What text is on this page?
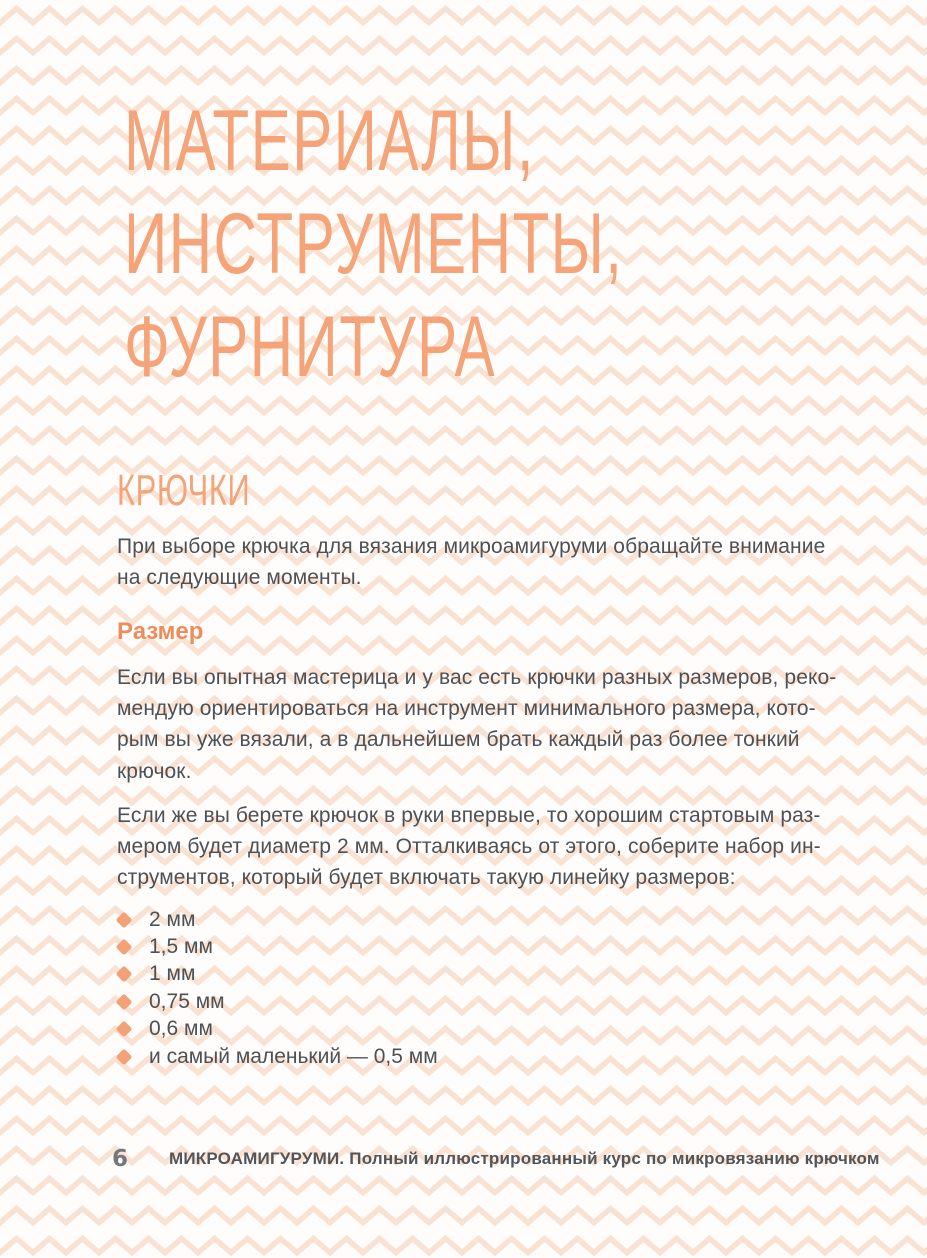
МАТЕРИАЛЫ,
ИНСТРУМЕНТЫ,
ФУРНИТУРА
КРЮЧКИ
При выборе крючка для вязания микроамигуруми обращайте внимание
на следующие моменты.
Размер
Если вы опытная мастерица и у вас есть крючки разных размеров, реко-
мендую ориентироваться на инструмент минимального размера, кото-
рым вы уже вязали, а в дальнейшем брать каждый раз более тонкий
крючок.
Если же вы берете крючок в руки впервые, то хорошим стартовым раз-
мером будет диаметр 2 мм. Отталкиваясь от этого, соберите набор ин-
струментов, который будет включать такую линейку размеров:
2 мм
1,5 мм
1 мм
0,75 мм
0,6 мм
и самый маленький — 0,5 мм
6 МИКРОАМИГУРУМИ. Полный иллюстрированный курс по микровязанию крючком
